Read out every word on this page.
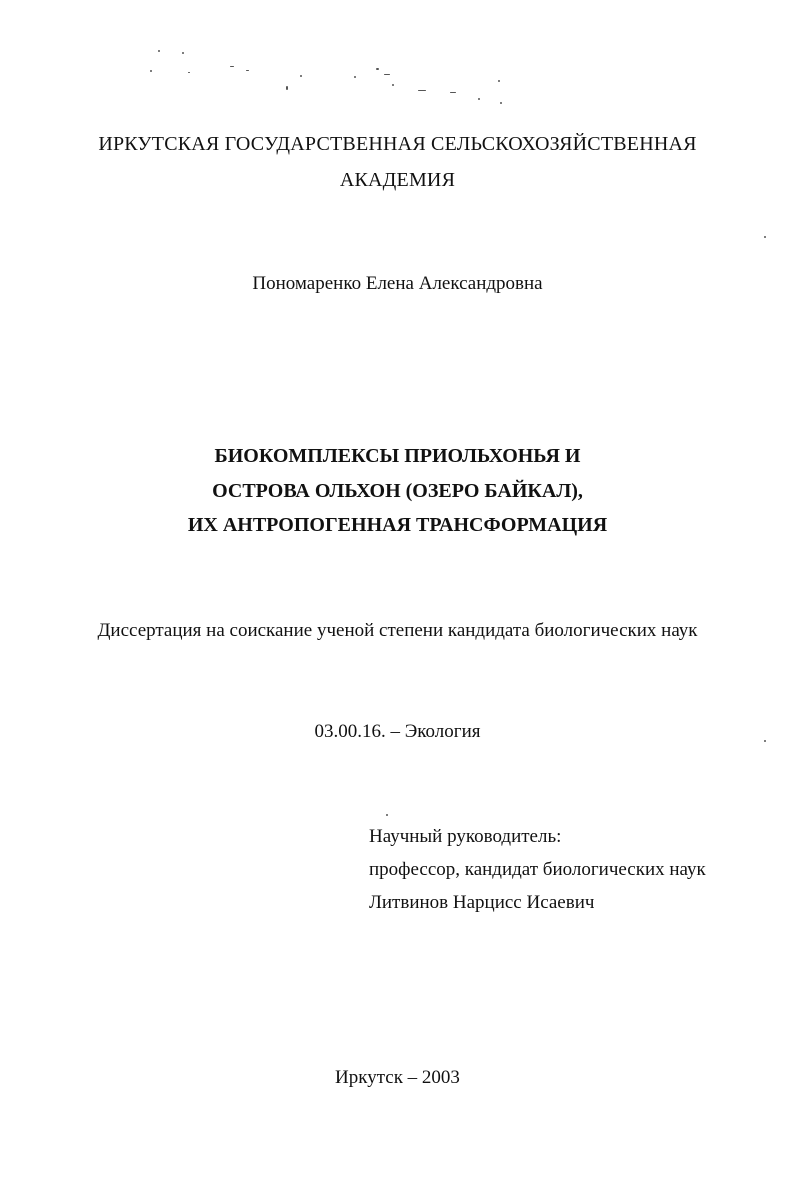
ИРКУТСКАЯ ГОСУДАРСТВЕННАЯ СЕЛЬСКОХОЗЯЙСТВЕННАЯ
АКАДЕМИЯ
Пономаренко Елена Александровна
БИОКОМПЛЕКСЫ ПРИОЛЬХОНЬЯ И
ОСТРОВА ОЛЬХОН (ОЗЕРО БАЙКАЛ),
ИХ АНТРОПОГЕННАЯ ТРАНСФОРМАЦИЯ
Диссертация на соискание ученой степени кандидата биологических наук
03.00.16. – Экология
Научный руководитель:
профессор, кандидат биологических наук
Литвинов Нарцисс Исаевич
Иркутск – 2003
